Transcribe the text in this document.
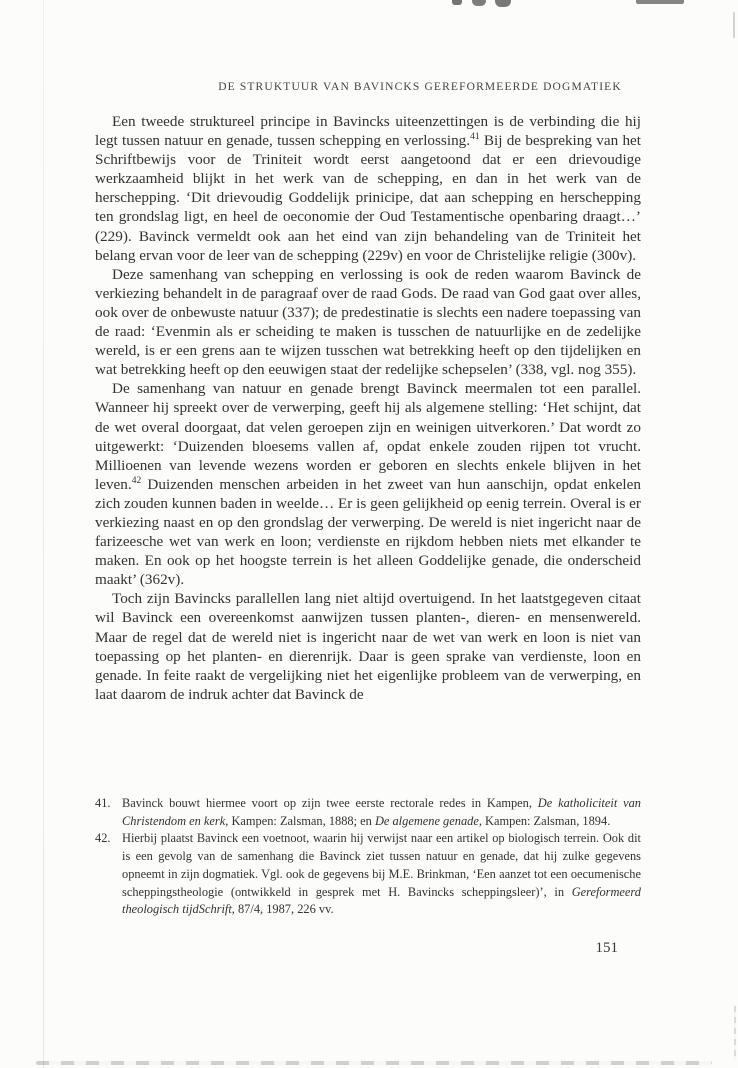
DE STRUKTUUR VAN BAVINCKS GEREFORMEERDE DOGMATIEK

Een tweede struktureel principe in Bavincks uiteenzettingen is de verbinding die hij legt tussen natuur en genade, tussen schepping en verlossing.$^{41}$ Bij de bespreking van het Schriftbewijs voor de Triniteit wordt eerst aangetoond dat er een drievoudige werkzaamheid blijkt in het werk van de schepping, en dan in het werk van de herschepping. ‘Dit drievoudig Goddelijk prinicipe, dat aan schepping en herschepping ten grondslag ligt, en heel de oeconomie der Oud Testamentische openbaring draagt…’ (229). Bavinck vermeldt ook aan het eind van zijn behandeling van de Triniteit het belang ervan voor de leer van de schepping (229v) en voor de Christelijke religie (300v).

Deze samenhang van schepping en verlossing is ook de reden waarom Bavinck de verkiezing behandelt in de paragraaf over de raad Gods. De raad van God gaat over alles, ook over de onbewuste natuur (337); de predestinatie is slechts een nadere toepassing van de raad: ‘Evenmin als er scheiding te maken is tusschen de natuurlijke en de zedelijke wereld, is er een grens aan te wijzen tusschen wat betrekking heeft op den tijdelijken en wat betrekking heeft op den eeuwigen staat der redelijke schepselen’ (338, vgl. nog 355).

De samenhang van natuur en genade brengt Bavinck meermalen tot een parallel. Wanneer hij spreekt over de verwerping, geeft hij als algemene stelling: ‘Het schijnt, dat de wet overal doorgaat, dat velen geroepen zijn en weinigen uitverkoren.’ Dat wordt zo uitgewerkt: ‘Duizenden bloesems vallen af, opdat enkele zouden rijpen tot vrucht. Millioenen van levende wezens worden er geboren en slechts enkele blijven in het leven.$^{42}$ Duizenden menschen arbeiden in het zweet van hun aanschijn, opdat enkelen zich zouden kunnen baden in weelde… Er is geen gelijkheid op eenig terrein. Overal is er verkiezing naast en op den grondslag der verwerping. De wereld is niet ingericht naar de farizeesche wet van werk en loon; verdienste en rijkdom hebben niets met elkander te maken. En ook op het hoogste terrein is het alleen Goddelijke genade, die onderscheid maakt’ (362v).

Toch zijn Bavincks parallellen lang niet altijd overtuigend. In het laatstgegeven citaat wil Bavinck een overeenkomst aanwijzen tussen planten-, dieren- en mensenwereld. Maar de regel dat de wereld niet is ingericht naar de wet van werk en loon is niet van toepassing op het planten- en dierenrijk. Daar is geen sprake van verdienste, loon en genade. In feite raakt de vergelijking niet het eigenlijke probleem van de verwerping, en laat daarom de indruk achter dat Bavinck de

41. Bavinck bouwt hiermee voort op zijn twee eerste rectorale redes in Kampen, De katholiciteit van Christendom en kerk, Kampen: Zalsman, 1888; en De algemene genade, Kampen: Zalsman, 1894.
42. Hierbij plaatst Bavinck een voetnoot, waarin hij verwijst naar een artikel op biologisch terrein. Ook dit is een gevolg van de samenhang die Bavinck ziet tussen natuur en genade, dat hij zulke gegevens opneemt in zijn dogmatiek. Vgl. ook de gegevens bij M.E. Brinkman, ‘Een aanzet tot een oecumenische scheppingstheologie (ontwikkeld in gesprek met H. Bavincks scheppingsleer)’, in Gereformeerd theologisch tijdSchrift, 87/4, 1987, 226 vv.
151
